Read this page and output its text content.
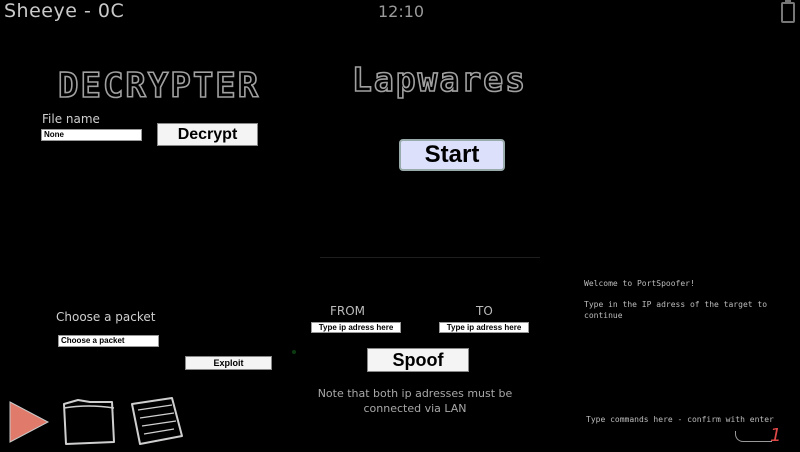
Sheeye - 0C	12:10
DECRYPTER
File name
None	Decrypt
Lapwares
Start
Choose a packet
Choose a packet
Exploit
FROM	TO
Type ip adress here	Type ip adress here
Spoof
Note that both ip adresses must be connected via LAN
Welcome to PortSpoofer!
Type in the IP adress of the target to continue
Type commands here - confirm with enter
1
